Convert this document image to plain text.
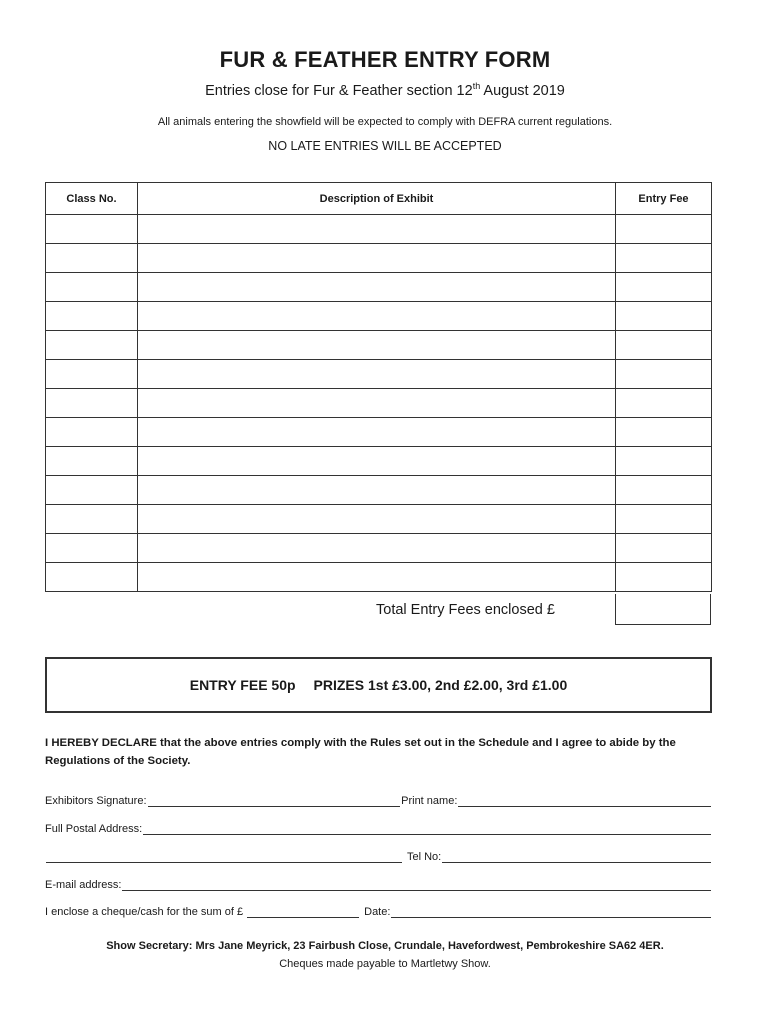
FUR & FEATHER ENTRY FORM
Entries close for Fur & Feather section 12th August 2019
All animals entering the showfield will be expected to comply with DEFRA current regulations.
NO LATE ENTRIES WILL BE ACCEPTED
Class No.	Description of Exhibit	Entry Fee

Total Entry Fees enclosed £
ENTRY FEE 50p PRIZES 1st £3.00, 2nd £2.00, 3rd £1.00
I HEREBY DECLARE that the above entries comply with the Rules set out in the Schedule and I agree to abide by the Regulations of the Society.
Exhibitors Signature:	Print name:
Full Postal Address:
Tel No:
E-mail address:
I enclose a cheque/cash for the sum of £	Date:
Show Secretary: Mrs Jane Meyrick, 23 Fairbush Close, Crundale, Havefordwest, Pembrokeshire SA62 4ER.
Cheques made payable to Martletwy Show.
